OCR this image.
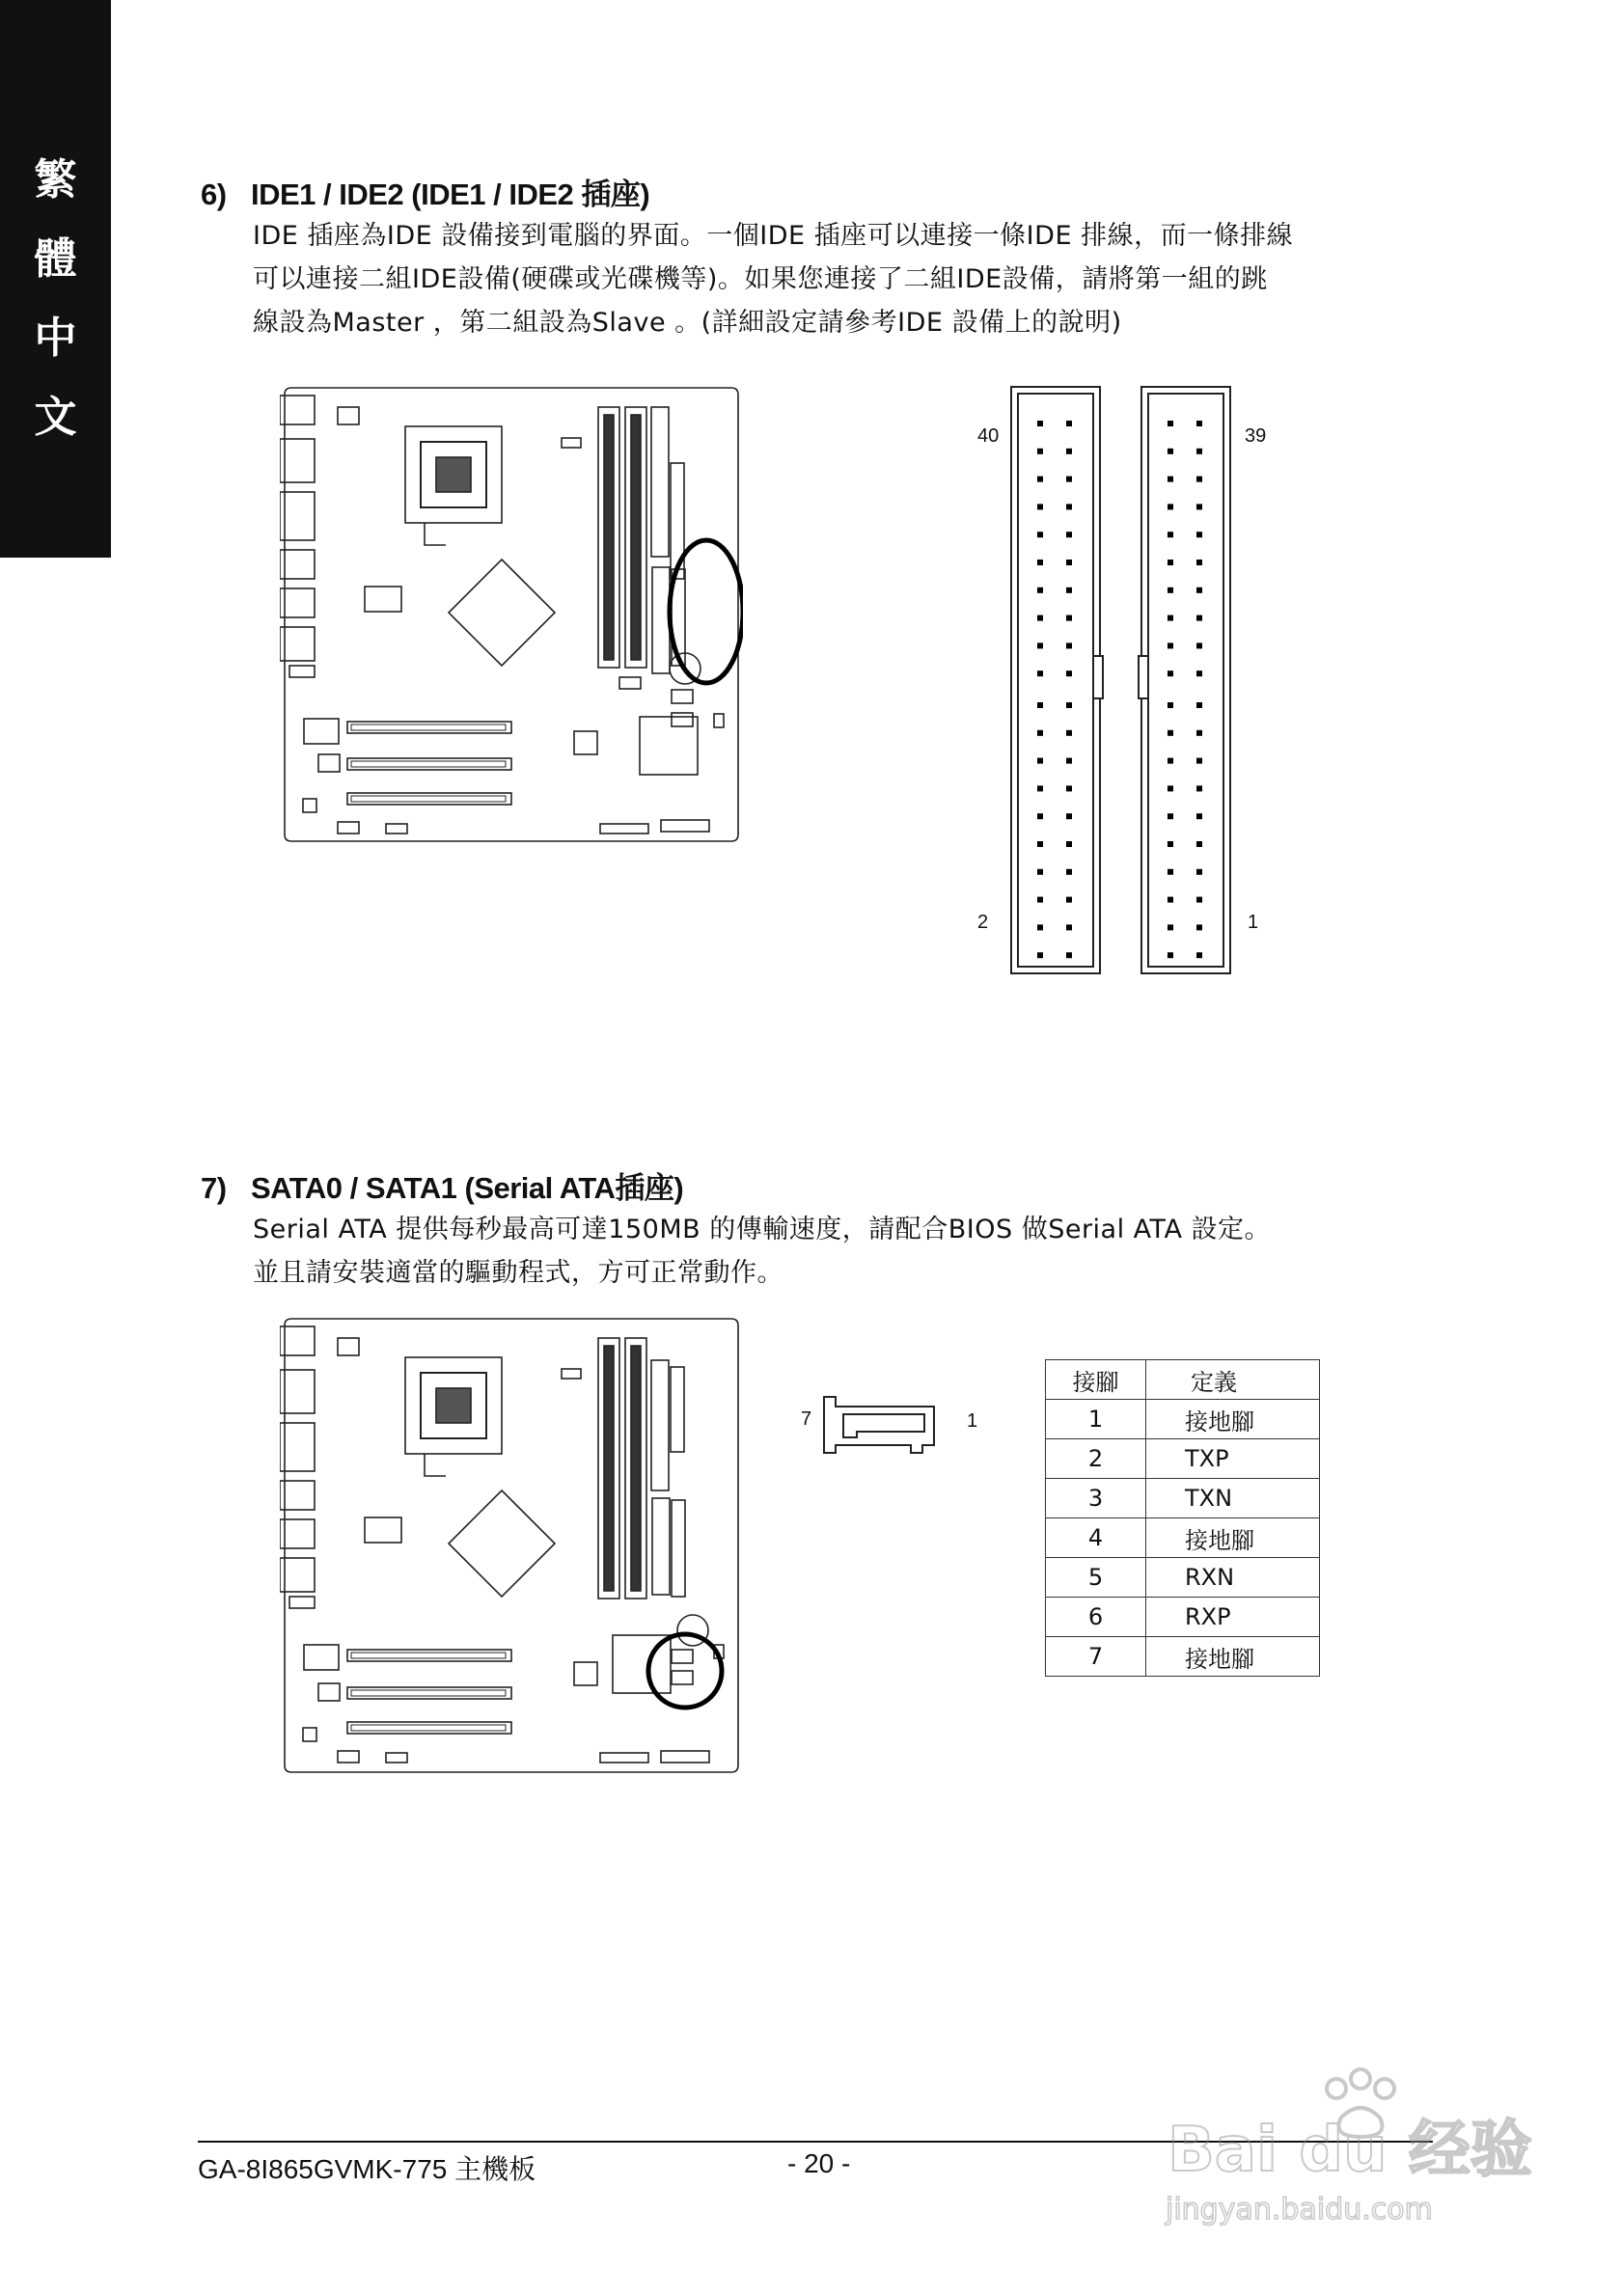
繁
體
中
文
6) IDE1 / IDE2 (IDE1 / IDE2 插座)

IDE 插座為IDE 設備接到電腦的界面。一個IDE 插座可以連接一條IDE 排線，而一條排線

可以連接二組IDE設備(硬碟或光碟機等)。如果您連接了二組IDE設備，請將第一組的跳

線設為Master ，第二組設為Slave 。(詳細設定請參考IDE 設備上的說明)

40	39
2	1
7) SATA0 / SATA1 (Serial ATA插座)

Serial ATA 提供每秒最高可達150MB 的傳輸速度，請配合BIOS 做Serial ATA 設定。

並且請安裝適當的驅動程式，方可正常動作。

7	1
接腳	定義
1	接地腳
2	TXP
3	TXN
4	接地腳
5	RXN
6	RXP
7	接地腳
GA-8I865GVMK-775 主機板	- 20 -	Bai du 经验
jingyan.baidu.com
